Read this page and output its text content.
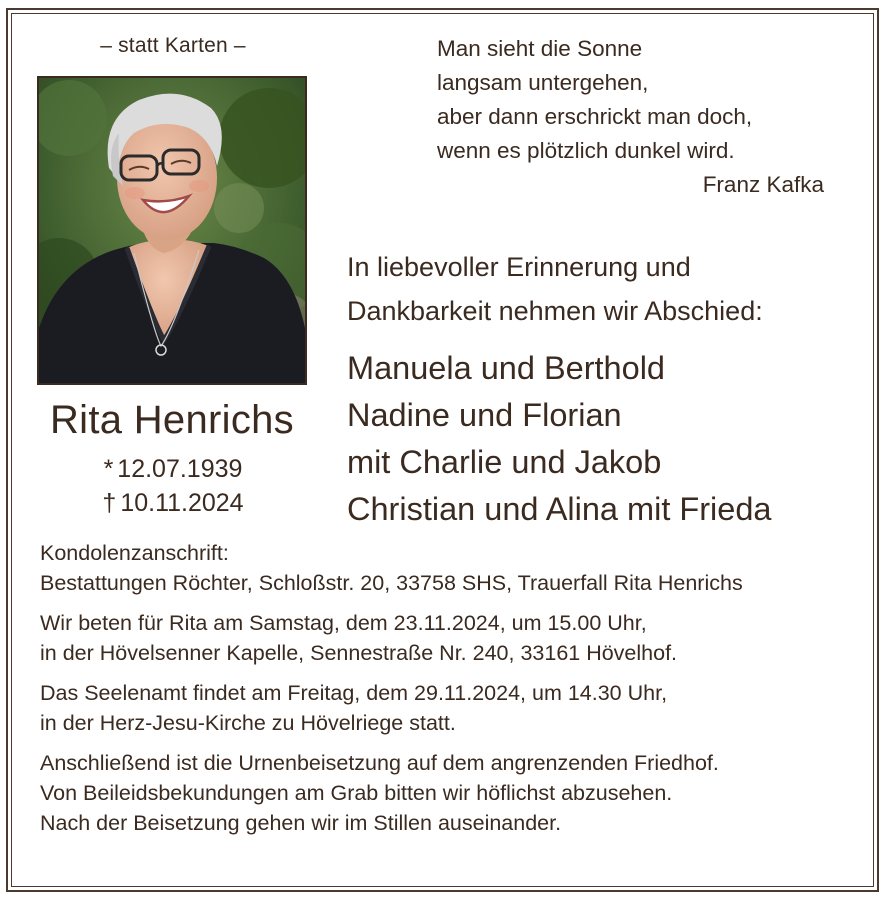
– statt Karten –
Rita Henrichs
* 12.07.1939
† 10.11.2024
Man sieht die Sonne
langsam untergehen,
aber dann erschrickt man doch,
wenn es plötzlich dunkel wird.
Franz Kafka
In liebevoller Erinnerung und
Dankbarkeit nehmen wir Abschied:
Manuela und Berthold
Nadine und Florian
mit Charlie und Jakob
Christian und Alina mit Frieda
Kondolenzanschrift:
Bestattungen Röchter, Schloßstr. 20, 33758 SHS, Trauerfall Rita Henrichs
Wir beten für Rita am Samstag, dem 23.11.2024, um 15.00 Uhr,
in der Hövelsenner Kapelle, Sennestraße Nr. 240, 33161 Hövelhof.
Das Seelenamt findet am Freitag, dem 29.11.2024, um 14.30 Uhr,
in der Herz-Jesu-Kirche zu Hövelriege statt.
Anschließend ist die Urnenbeisetzung auf dem angrenzenden Friedhof.
Von Beileidsbekundungen am Grab bitten wir höflichst abzusehen.
Nach der Beisetzung gehen wir im Stillen auseinander.
